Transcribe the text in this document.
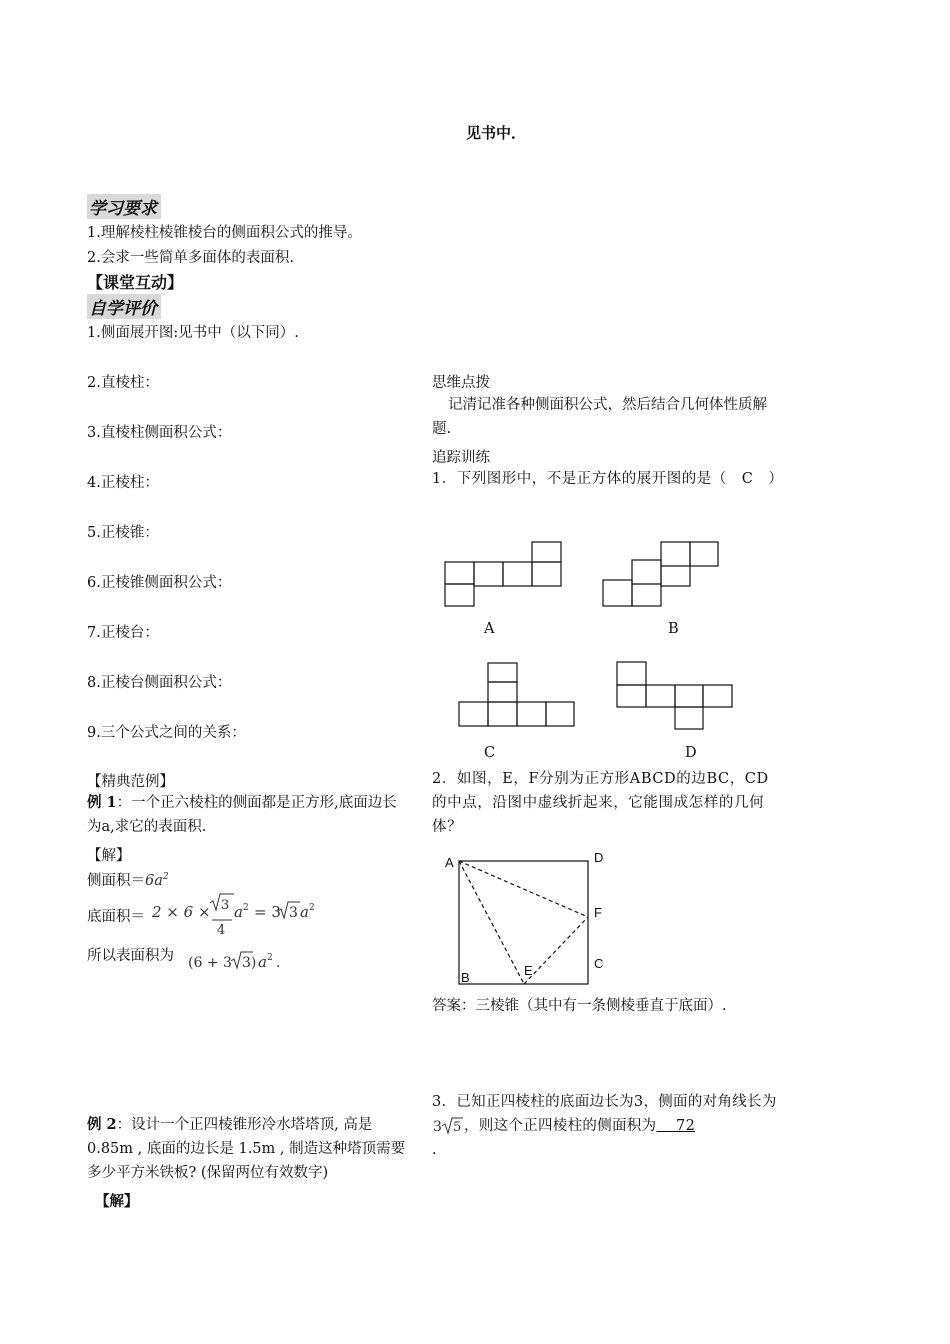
见书中．
学习要求
1.理解棱柱棱锥棱台的侧面积公式的推导。
2.会求一些简单多面体的表面积.
【课堂互动】
自学评价
1.侧面展开图:见书中（以下同）.
2.直棱柱：
3.直棱柱侧面积公式：
4.正棱柱：
5.正棱锥：
6.正棱锥侧面积公式：
7.正棱台：
8.正棱台侧面积公式：
9.三个公式之间的关系：
【精典范例】
例 1：一个正六棱柱的侧面都是正方形,底面边长为a,求它的表面积.
【解】
侧面积$=6a^2$
底面积＝ 2 × 6 × 3
4
a 2 = 3 3 a 2
所以表面积为 (6 + 3 3) a 2 .
例 2：设计一个正四棱锥形冷水塔塔顶, 高是0.85m , 底面的边长是 1.5m , 制造这种塔顶需要多少平方米铁板? (保留两位有效数字)
【解】
思维点拨
记清记准各种侧面积公式，然后结合几何体性质解题.
追踪训练
1．下列图形中，不是正方体的展开图的是（　C　）
A	B
C	D
2．如图，E，F分别为正方形ABCD的边BC，CD的中点，沿图中虚线折起来，它能围成怎样的几何体？
A	D
F
B	E	C
答案：三棱锥（其中有一条侧棱垂直于底面）.
3．已知正四棱柱的底面边长为3，侧面的对角线长为
3 5 ，则这个正四棱柱的侧面积为 72
.
